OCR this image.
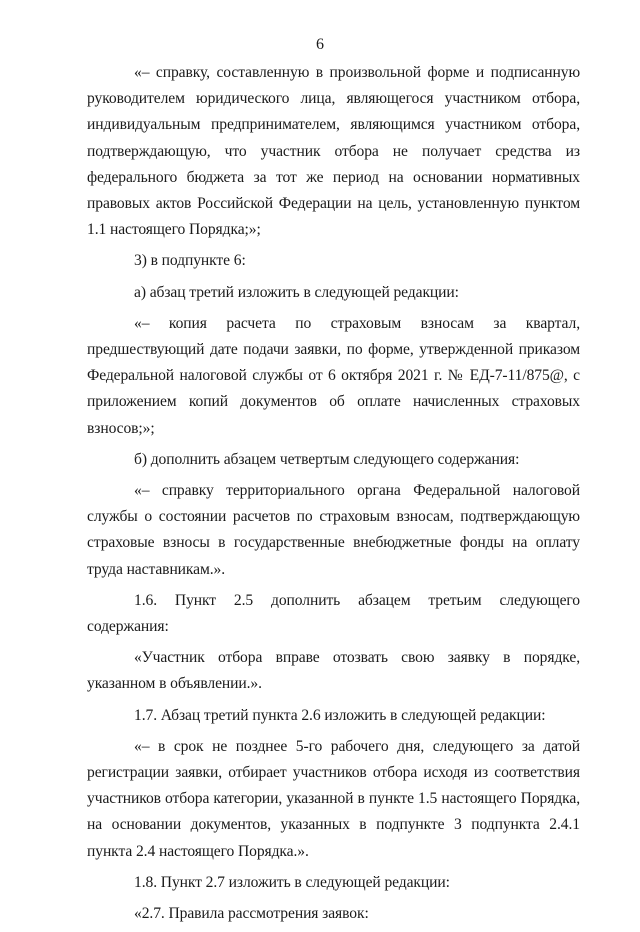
6

«– справку, составленную в произвольной форме и подписанную руководителем юридического лица, являющегося участником отбора, индивидуальным предпринимателем, являющимся участником отбора, подтверждающую, что участник отбора не получает средства из федерального бюджета за тот же период на основании нормативных правовых актов Российской Федерации на цель, установленную пунктом 1.1 настоящего Порядка;»;

3) в подпункте 6:

а) абзац третий изложить в следующей редакции:

«– копия расчета по страховым взносам за квартал, предшествующий дате подачи заявки, по форме, утвержденной приказом Федеральной налоговой службы от 6 октября 2021 г. № ЕД-7-11/875@, с приложением копий документов об оплате начисленных страховых взносов;»;

б) дополнить абзацем четвертым следующего содержания:

«– справку территориального органа Федеральной налоговой службы о состоянии расчетов по страховым взносам, подтверждающую страховые взносы в государственные внебюджетные фонды на оплату труда наставникам.».

1.6. Пункт 2.5 дополнить абзацем третьим следующего содержания:

«Участник отбора вправе отозвать свою заявку в порядке, указанном в объявлении.».

1.7. Абзац третий пункта 2.6 изложить в следующей редакции:

«– в срок не позднее 5-го рабочего дня, следующего за датой регистрации заявки, отбирает участников отбора исходя из соответствия участников отбора категории, указанной в пункте 1.5 настоящего Порядка, на основании документов, указанных в подпункте 3 подпункта 2.4.1 пункта 2.4 настоящего Порядка.».

1.8. Пункт 2.7 изложить в следующей редакции:

«2.7. Правила рассмотрения заявок:
